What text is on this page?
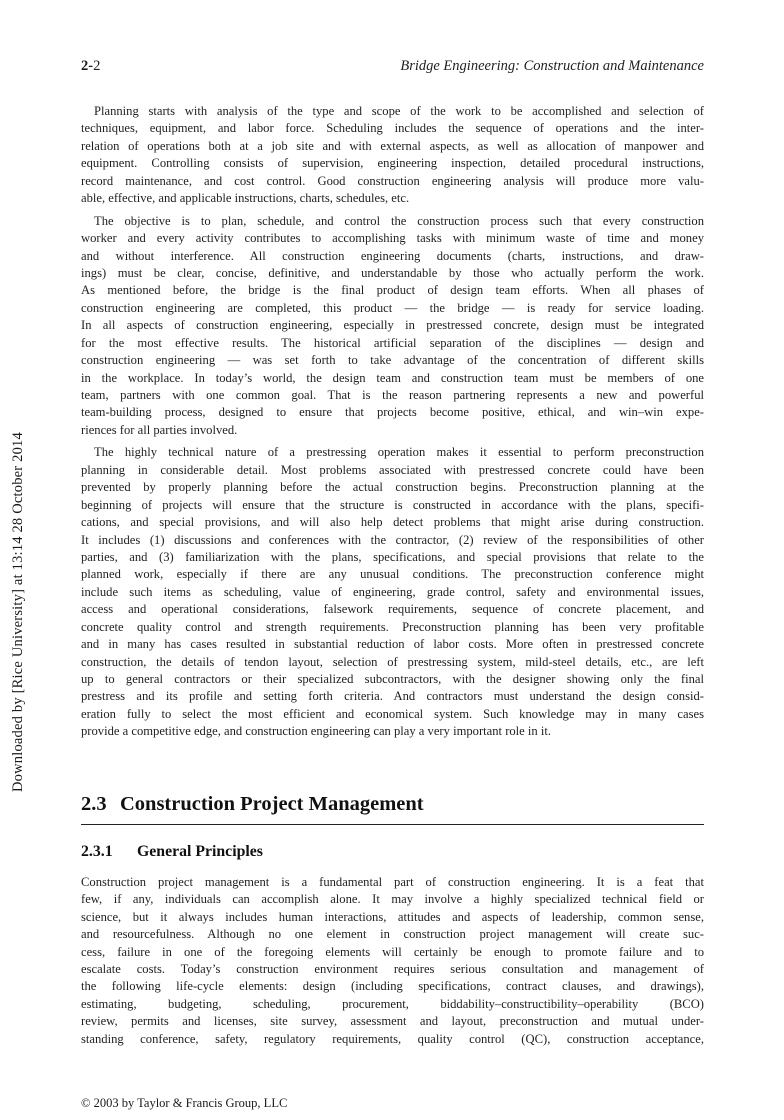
Downloaded by [Rice University] at 13:14 28 October 2014
2-2	Bridge Engineering: Construction and Maintenance
Planning starts with analysis of the type and scope of the work to be accomplished and selection of
techniques, equipment, and labor force. Scheduling includes the sequence of operations and the inter-
relation of operations both at a job site and with external aspects, as well as allocation of manpower and
equipment. Controlling consists of supervision, engineering inspection, detailed procedural instructions,
record maintenance, and cost control. Good construction engineering analysis will produce more valu-
able, effective, and applicable instructions, charts, schedules, etc.
The objective is to plan, schedule, and control the construction process such that every construction
worker and every activity contributes to accomplishing tasks with minimum waste of time and money
and without interference. All construction engineering documents (charts, instructions, and draw-
ings) must be clear, concise, definitive, and understandable by those who actually perform the work.
As mentioned before, the bridge is the final product of design team efforts. When all phases of
construction engineering are completed, this product — the bridge — is ready for service loading.
In all aspects of construction engineering, especially in prestressed concrete, design must be integrated
for the most effective results. The historical artificial separation of the disciplines — design and
construction engineering — was set forth to take advantage of the concentration of different skills
in the workplace. In today’s world, the design team and construction team must be members of one
team, partners with one common goal. That is the reason partnering represents a new and powerful
team-building process, designed to ensure that projects become positive, ethical, and win–win expe-
riences for all parties involved.
The highly technical nature of a prestressing operation makes it essential to perform preconstruction
planning in considerable detail. Most problems associated with prestressed concrete could have been
prevented by properly planning before the actual construction begins. Preconstruction planning at the
beginning of projects will ensure that the structure is constructed in accordance with the plans, specifi-
cations, and special provisions, and will also help detect problems that might arise during construction.
It includes (1) discussions and conferences with the contractor, (2) review of the responsibilities of other
parties, and (3) familiarization with the plans, specifications, and special provisions that relate to the
planned work, especially if there are any unusual conditions. The preconstruction conference might
include such items as scheduling, value of engineering, grade control, safety and environmental issues,
access and operational considerations, falsework requirements, sequence of concrete placement, and
concrete quality control and strength requirements. Preconstruction planning has been very profitable
and in many has cases resulted in substantial reduction of labor costs. More often in prestressed concrete
construction, the details of tendon layout, selection of prestressing system, mild-steel details, etc., are left
up to general contractors or their specialized subcontractors, with the designer showing only the final
prestress and its profile and setting forth criteria. And contractors must understand the design consid-
eration fully to select the most efficient and economical system. Such knowledge may in many cases
provide a competitive edge, and construction engineering can play a very important role in it.
2.3 Construction Project Management
2.3.1	General Principles
Construction project management is a fundamental part of construction engineering. It is a feat that
few, if any, individuals can accomplish alone. It may involve a highly specialized technical field or
science, but it always includes human interactions, attitudes and aspects of leadership, common sense,
and resourcefulness. Although no one element in construction project management will create suc-
cess, failure in one of the foregoing elements will certainly be enough to promote failure and to
escalate costs. Today’s construction environment requires serious consultation and management of
the following life-cycle elements: design (including specifications, contract clauses, and drawings),
estimating, budgeting, scheduling, procurement, biddability–constructibility–operability (BCO)
review, permits and licenses, site survey, assessment and layout, preconstruction and mutual under-
standing conference, safety, regulatory requirements, quality control (QC), construction acceptance,
© 2003 by Taylor & Francis Group, LLC
